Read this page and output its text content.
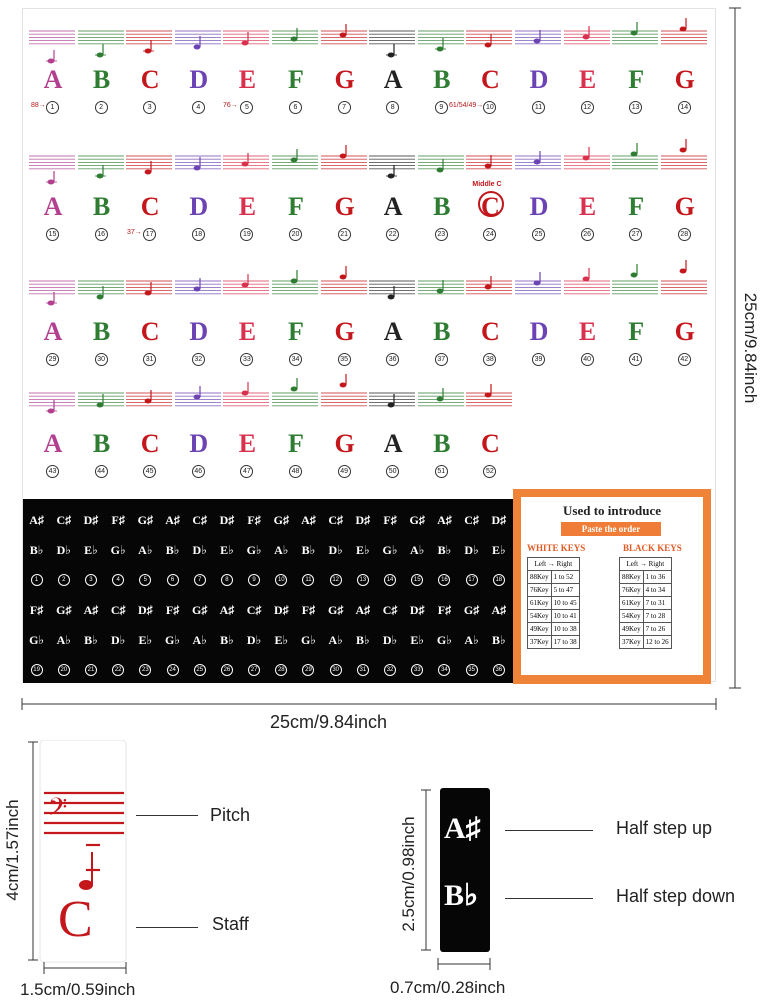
A
1
B
2
C
3
D
4
E
5
F
6
G
7
A
8
B
9
C
10
D
11
E
12
F
13
G
14
A
15
B
16
C
17
D
18
E
19
F
20
G
21
A
22
B
23
C
24
D
25
E
26
F
27
G
28
A
29
B
30
C
31
D
32
E
33
F
34
G
35
A
36
B
37
C
38
D
39
E
40
F
41
G
42
A
43
B
44
C
45
D
46
E
47
F
48
G
49
A
50
B
51
C
52
88→	76→	61/54/49→
37→
Middle C
A♯	C♯	D♯	F♯	G♯	A♯	C♯	D♯	F♯	G♯	A♯	C♯	D♯	F♯	G♯	A♯	C♯	D♯
B♭	D♭	E♭	G♭	A♭	B♭	D♭	E♭	G♭	A♭	B♭	D♭	E♭	G♭	A♭	B♭	D♭	E♭
1	2	3	4	5	6	7	8	9	10	11	12	13	14	15	16	17	18
F♯	G♯	A♯	C♯	D♯	F♯	G♯	A♯	C♯	D♯	F♯	G♯	A♯	C♯	D♯	F♯	G♯	A♯
G♭	A♭	B♭	D♭	E♭	G♭	A♭	B♭	D♭	E♭	G♭	A♭	B♭	D♭	E♭	G♭	A♭	B♭
19	20	21	22	23	24	25	26	27	28	29	30	31	32	33	34	35	36
Used to introduce
Paste the order
WHITE KEYS	BLACK KEYS
Left → Right	
88Key	1 to 52
76Key	5 to 47
61Key	10 to 45
54Key	10 to 41
49Key	10 to 38
37Key	17 to 38
Left → Right	
88Key	1 to 36
76Key	4 to 34
61Key	7 to 31
54Key	7 to 28
49Key	7 to 26
37Key	12 to 26
25cm/9.84inch
25cm/9.84inch
𝄢
C
4cm/1.57inch
1.5cm/0.59inch
Pitch
Staff
A♯
B♭
2.5cm/0.98inch
0.7cm/0.28inch
Half step up
Half step down
